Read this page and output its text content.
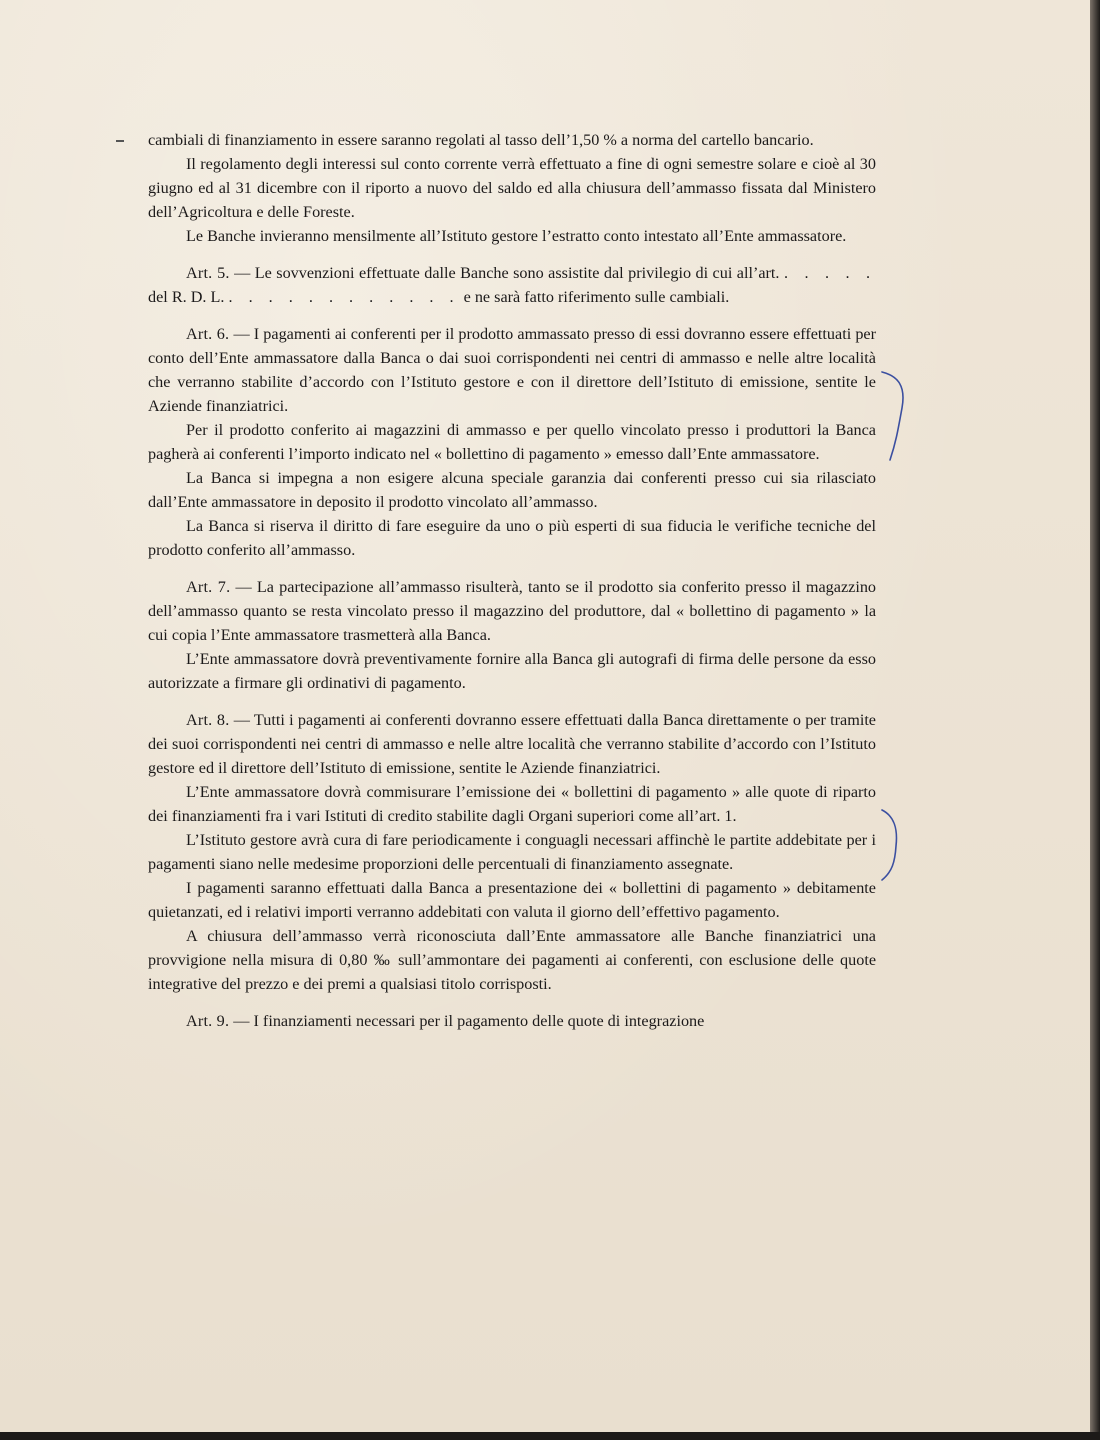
cambiali di finanziamento in essere saranno regolati al tasso dell’1,50 % a norma del cartello bancario.

Il regolamento degli interessi sul conto corrente verrà effettuato a fine di ogni semestre solare e cioè al 30 giugno ed al 31 dicembre con il riporto a nuovo del saldo ed alla chiusura dell’ammasso fissata dal Ministero dell’Agricoltura e delle Foreste.

Le Banche invieranno mensilmente all’Istituto gestore l’estratto conto intestato all’Ente ammassatore.

Art. 5. — Le sovvenzioni effettuate dalle Banche sono assistite dal privilegio di cui all’art. . . . . . del R. D. L. . . . . . . . . . . . . e ne sarà fatto riferimento sulle cambiali.

Art. 6. — I pagamenti ai conferenti per il prodotto ammassato presso di essi dovranno essere effettuati per conto dell’Ente ammassatore dalla Banca o dai suoi corrispondenti nei centri di ammasso e nelle altre località che verranno stabilite d’accordo con l’Istituto gestore e con il direttore dell’Istituto di emissione, sentite le Aziende finanziatrici.

Per il prodotto conferito ai magazzini di ammasso e per quello vincolato presso i produttori la Banca pagherà ai conferenti l’importo indicato nel « bollettino di pagamento » emesso dall’Ente ammassatore.

La Banca si impegna a non esigere alcuna speciale garanzia dai conferenti presso cui sia rilasciato dall’Ente ammassatore in deposito il prodotto vincolato all’ammasso.

La Banca si riserva il diritto di fare eseguire da uno o più esperti di sua fiducia le verifiche tecniche del prodotto conferito all’ammasso.

Art. 7. — La partecipazione all’ammasso risulterà, tanto se il prodotto sia conferito presso il magazzino dell’ammasso quanto se resta vincolato presso il magazzino del produttore, dal « bollettino di pagamento » la cui copia l’Ente ammassatore trasmetterà alla Banca.

L’Ente ammassatore dovrà preventivamente fornire alla Banca gli autografi di firma delle persone da esso autorizzate a firmare gli ordinativi di pagamento.

Art. 8. — Tutti i pagamenti ai conferenti dovranno essere effettuati dalla Banca direttamente o per tramite dei suoi corrispondenti nei centri di ammasso e nelle altre località che verranno stabilite d’accordo con l’Istituto gestore ed il direttore dell’Istituto di emissione, sentite le Aziende finanziatrici.

L’Ente ammassatore dovrà commisurare l’emissione dei « bollettini di pagamento » alle quote di riparto dei finanziamenti fra i vari Istituti di credito stabilite dagli Organi superiori come all’art. 1.

L’Istituto gestore avrà cura di fare periodicamente i conguagli necessari affinchè le partite addebitate per i pagamenti siano nelle medesime proporzioni delle percentuali di finanziamento assegnate.

I pagamenti saranno effettuati dalla Banca a presentazione dei « bollettini di pagamento » debitamente quietanzati, ed i relativi importi verranno addebitati con valuta il giorno dell’effettivo pagamento.

A chiusura dell’ammasso verrà riconosciuta dall’Ente ammassatore alle Banche finanziatrici una provvigione nella misura di 0,80 ‰ sull’ammontare dei pagamenti ai conferenti, con esclusione delle quote integrative del prezzo e dei premi a qualsiasi titolo corrisposti.

Art. 9. — I finanziamenti necessari per il pagamento delle quote di integrazione
